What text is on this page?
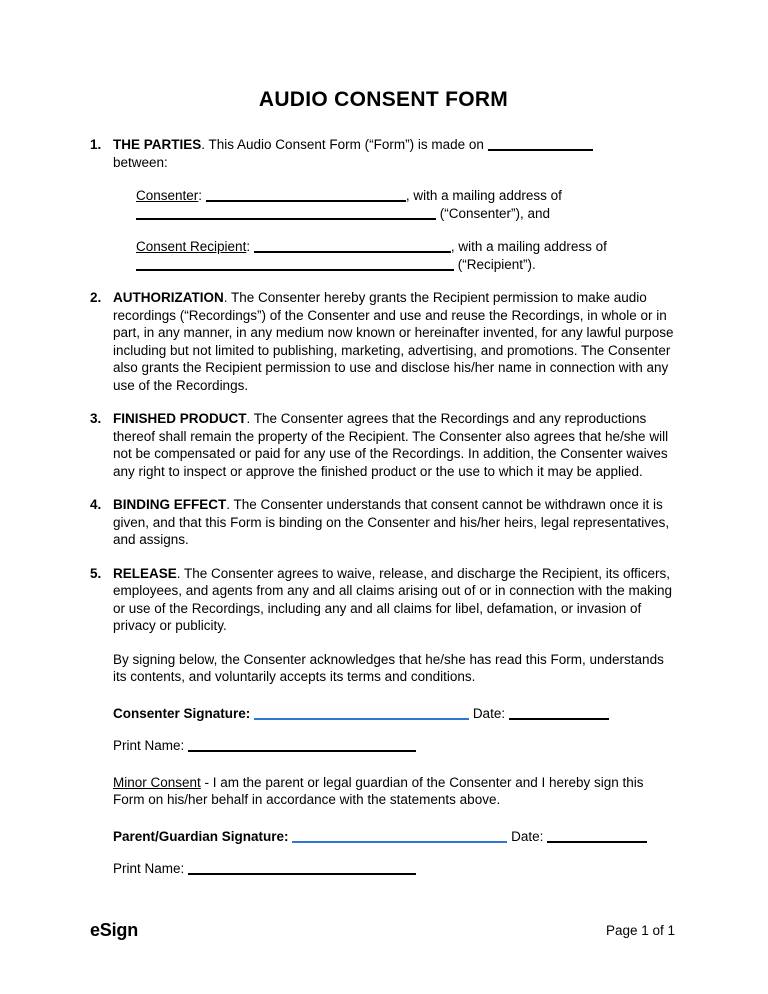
AUDIO CONSENT FORM
1. THE PARTIES. This Audio Consent Form (“Form”) is made on
between:

Consenter:	, with a mailing address of
(“Consenter”), and

Consent Recipient:	, with a mailing address of
(“Recipient”).

2. AUTHORIZATION. The Consenter hereby grants the Recipient permission to make audio recordings (“Recordings”) of the Consenter and use and reuse the Recordings, in whole or in part, in any manner, in any medium now known or hereinafter invented, for any lawful purpose including but not limited to publishing, marketing, advertising, and promotions. The Consenter also grants the Recipient permission to use and disclose his/her name in connection with any use of the Recordings.

3. FINISHED PRODUCT. The Consenter agrees that the Recordings and any reproductions thereof shall remain the property of the Recipient. The Consenter also agrees that he/she will not be compensated or paid for any use of the Recordings. In addition, the Consenter waives any right to inspect or approve the finished product or the use to which it may be applied.

4. BINDING EFFECT. The Consenter understands that consent cannot be withdrawn once it is given, and that this Form is binding on the Consenter and his/her heirs, legal representatives, and assigns.

5. RELEASE. The Consenter agrees to waive, release, and discharge the Recipient, its officers, employees, and agents from any and all claims arising out of or in connection with the making or use of the Recordings, including any and all claims for libel, defamation, or invasion of privacy or publicity.

By signing below, the Consenter acknowledges that he/she has read this Form, understands its contents, and voluntarily accepts its terms and conditions.

Consenter Signature:	Date:

Print Name:

Minor Consent - I am the parent or legal guardian of the Consenter and I hereby sign this Form on his/her behalf in accordance with the statements above.

Parent/Guardian Signature:	Date:

Print Name:

eSign	Page 1 of 1
